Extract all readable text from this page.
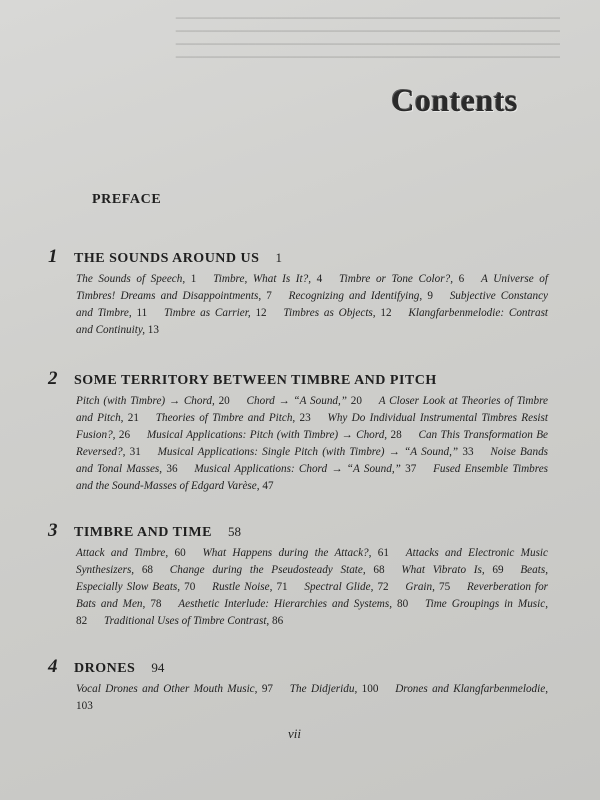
━━━━━━━━━━━━━━━━━━━━━━━━━━━━━━━━━━━━━━━━━━━━━━━━━━━━━━━━━━
━━━━━━━━━━━━━━━━━━━━━━━━━━━━━━━━━━━━━━━━━━━━━━━━━━━━━━━━━━
━━━━━━━━━━━━━━━━━━━━━━━━━━━━━━━━━━━━━━━━━━━━━━━━━━━━━━━━━━
━━━━━━━━━━━━━━━━━━━━━━━━━━━━━━━━━━━━━━━━━━━━━━━━━━━━━━━━━━

Contents
PREFACE
1	THE SOUNDS AROUND US 1
The Sounds of Speech, 1   Timbre, What Is It?, 4   Timbre or Tone Color?, 6   A Universe of Timbres! Dreams and Disappointments, 7   Recognizing and Identifying, 9   Subjective Constancy and Timbre, 11   Timbre as Carrier, 12   Timbres as Objects, 12   Klangfarbenmelodie: Contrast and Continuity, 13
2	SOME TERRITORY BETWEEN TIMBRE AND PITCH
Pitch (with Timbre) → Chord, 20   Chord → “A Sound,” 20   A Closer Look at Theories of Timbre and Pitch, 21   Theories of Timbre and Pitch, 23   Why Do Individual Instrumental Timbres Resist Fusion?, 26   Musical Applications: Pitch (with Timbre) → Chord, 28   Can This Transformation Be Reversed?, 31   Musical Applications: Single Pitch (with Timbre) → “A Sound,” 33   Noise Bands and Tonal Masses, 36   Musical Applications: Chord → “A Sound,” 37   Fused Ensemble Timbres and the Sound-Masses of Edgard Varèse, 47
3	TIMBRE AND TIME 58
Attack and Timbre, 60   What Happens during the Attack?, 61   Attacks and Electronic Music Synthesizers, 68   Change during the Pseudosteady State, 68   What Vibrato Is, 69   Beats, Especially Slow Beats, 70   Rustle Noise, 71   Spectral Glide, 72   Grain, 75   Reverberation for Bats and Men, 78   Aesthetic Interlude: Hierarchies and Systems, 80   Time Groupings in Music, 82   Traditional Uses of Timbre Contrast, 86
4	DRONES 94
Vocal Drones and Other Mouth Music, 97   The Didjeridu, 100   Drones and Klangfarbenmelodie, 103
vii
